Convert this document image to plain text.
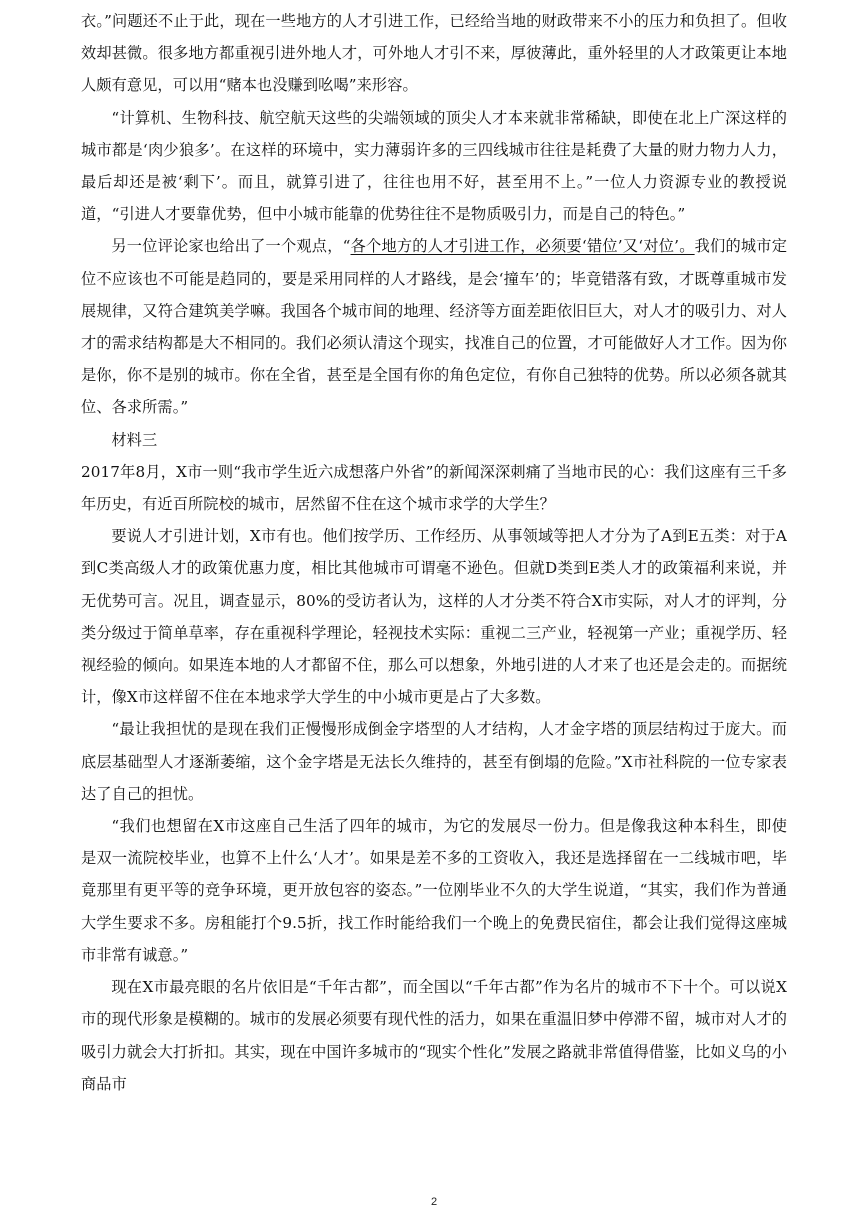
衣。”问题还不止于此，现在一些地方的人才引进工作，已经给当地的财政带来不小的压力和负担了。但收效却甚微。很多地方都重视引进外地人才，可外地人才引不来，厚彼薄此，重外轻里的人才政策更让本地人颇有意见，可以用“赌本也没赚到吆喝”来形容。

“计算机、生物科技、航空航天这些的尖端领域的顶尖人才本来就非常稀缺，即使在北上广深这样的城市都是‘肉少狼多’。在这样的环境中，实力薄弱许多的三四线城市往往是耗费了大量的财力物力人力，最后却还是被‘剩下’。而且，就算引进了，往往也用不好，甚至用不上。”一位人力资源专业的教授说道，“引进人才要靠优势，但中小城市能靠的优势往往不是物质吸引力，而是自己的特色。”

另一位评论家也给出了一个观点，“各个地方的人才引进工作，必须要‘错位’又‘对位’。我们的城市定位不应该也不可能是趋同的，要是采用同样的人才路线，是会‘撞车’的；毕竟错落有致，才既尊重城市发展规律，又符合建筑美学嘛。我国各个城市间的地理、经济等方面差距依旧巨大，对人才的吸引力、对人才的需求结构都是大不相同的。我们必须认清这个现实，找准自己的位置，才可能做好人才工作。因为你是你，你不是别的城市。你在全省，甚至是全国有你的角色定位，有你自己独特的优势。所以必须各就其位、各求所需。”

材料三

2017年8月，X市一则“我市学生近六成想落户外省”的新闻深深刺痛了当地市民的心：我们这座有三千多年历史，有近百所院校的城市，居然留不住在这个城市求学的大学生？

要说人才引进计划，X市有也。他们按学历、工作经历、从事领域等把人才分为了A到E五类：对于A到C类高级人才的政策优惠力度，相比其他城市可谓毫不逊色。但就D类到E类人才的政策福利来说，并无优势可言。况且，调查显示，80%的受访者认为，这样的人才分类不符合X市实际，对人才的评判，分类分级过于简单草率，存在重视科学理论，轻视技术实际：重视二三产业，轻视第一产业；重视学历、轻视经验的倾向。如果连本地的人才都留不住，那么可以想象，外地引进的人才来了也还是会走的。而据统计，像X市这样留不住在本地求学大学生的中小城市更是占了大多数。

“最让我担忧的是现在我们正慢慢形成倒金字塔型的人才结构，人才金字塔的顶层结构过于庞大。而底层基础型人才逐渐萎缩，这个金字塔是无法长久维持的，甚至有倒塌的危险。”X市社科院的一位专家表达了自己的担忧。

“我们也想留在X市这座自己生活了四年的城市，为它的发展尽一份力。但是像我这种本科生，即使是双一流院校毕业，也算不上什么‘人才’。如果是差不多的工资收入，我还是选择留在一二线城市吧，毕竟那里有更平等的竞争环境，更开放包容的姿态。”一位刚毕业不久的大学生说道，“其实，我们作为普通大学生要求不多。房租能打个9.5折，找工作时能给我们一个晚上的免费民宿住，都会让我们觉得这座城市非常有诚意。”

现在X市最亮眼的名片依旧是“千年古都”，而全国以“千年古都”作为名片的城市不下十个。可以说X市的现代形象是模糊的。城市的发展必须要有现代性的活力，如果在重温旧梦中停滞不留，城市对人才的吸引力就会大打折扣。其实，现在中国许多城市的“现实个性化”发展之路就非常值得借鉴，比如义乌的小商品市

2
